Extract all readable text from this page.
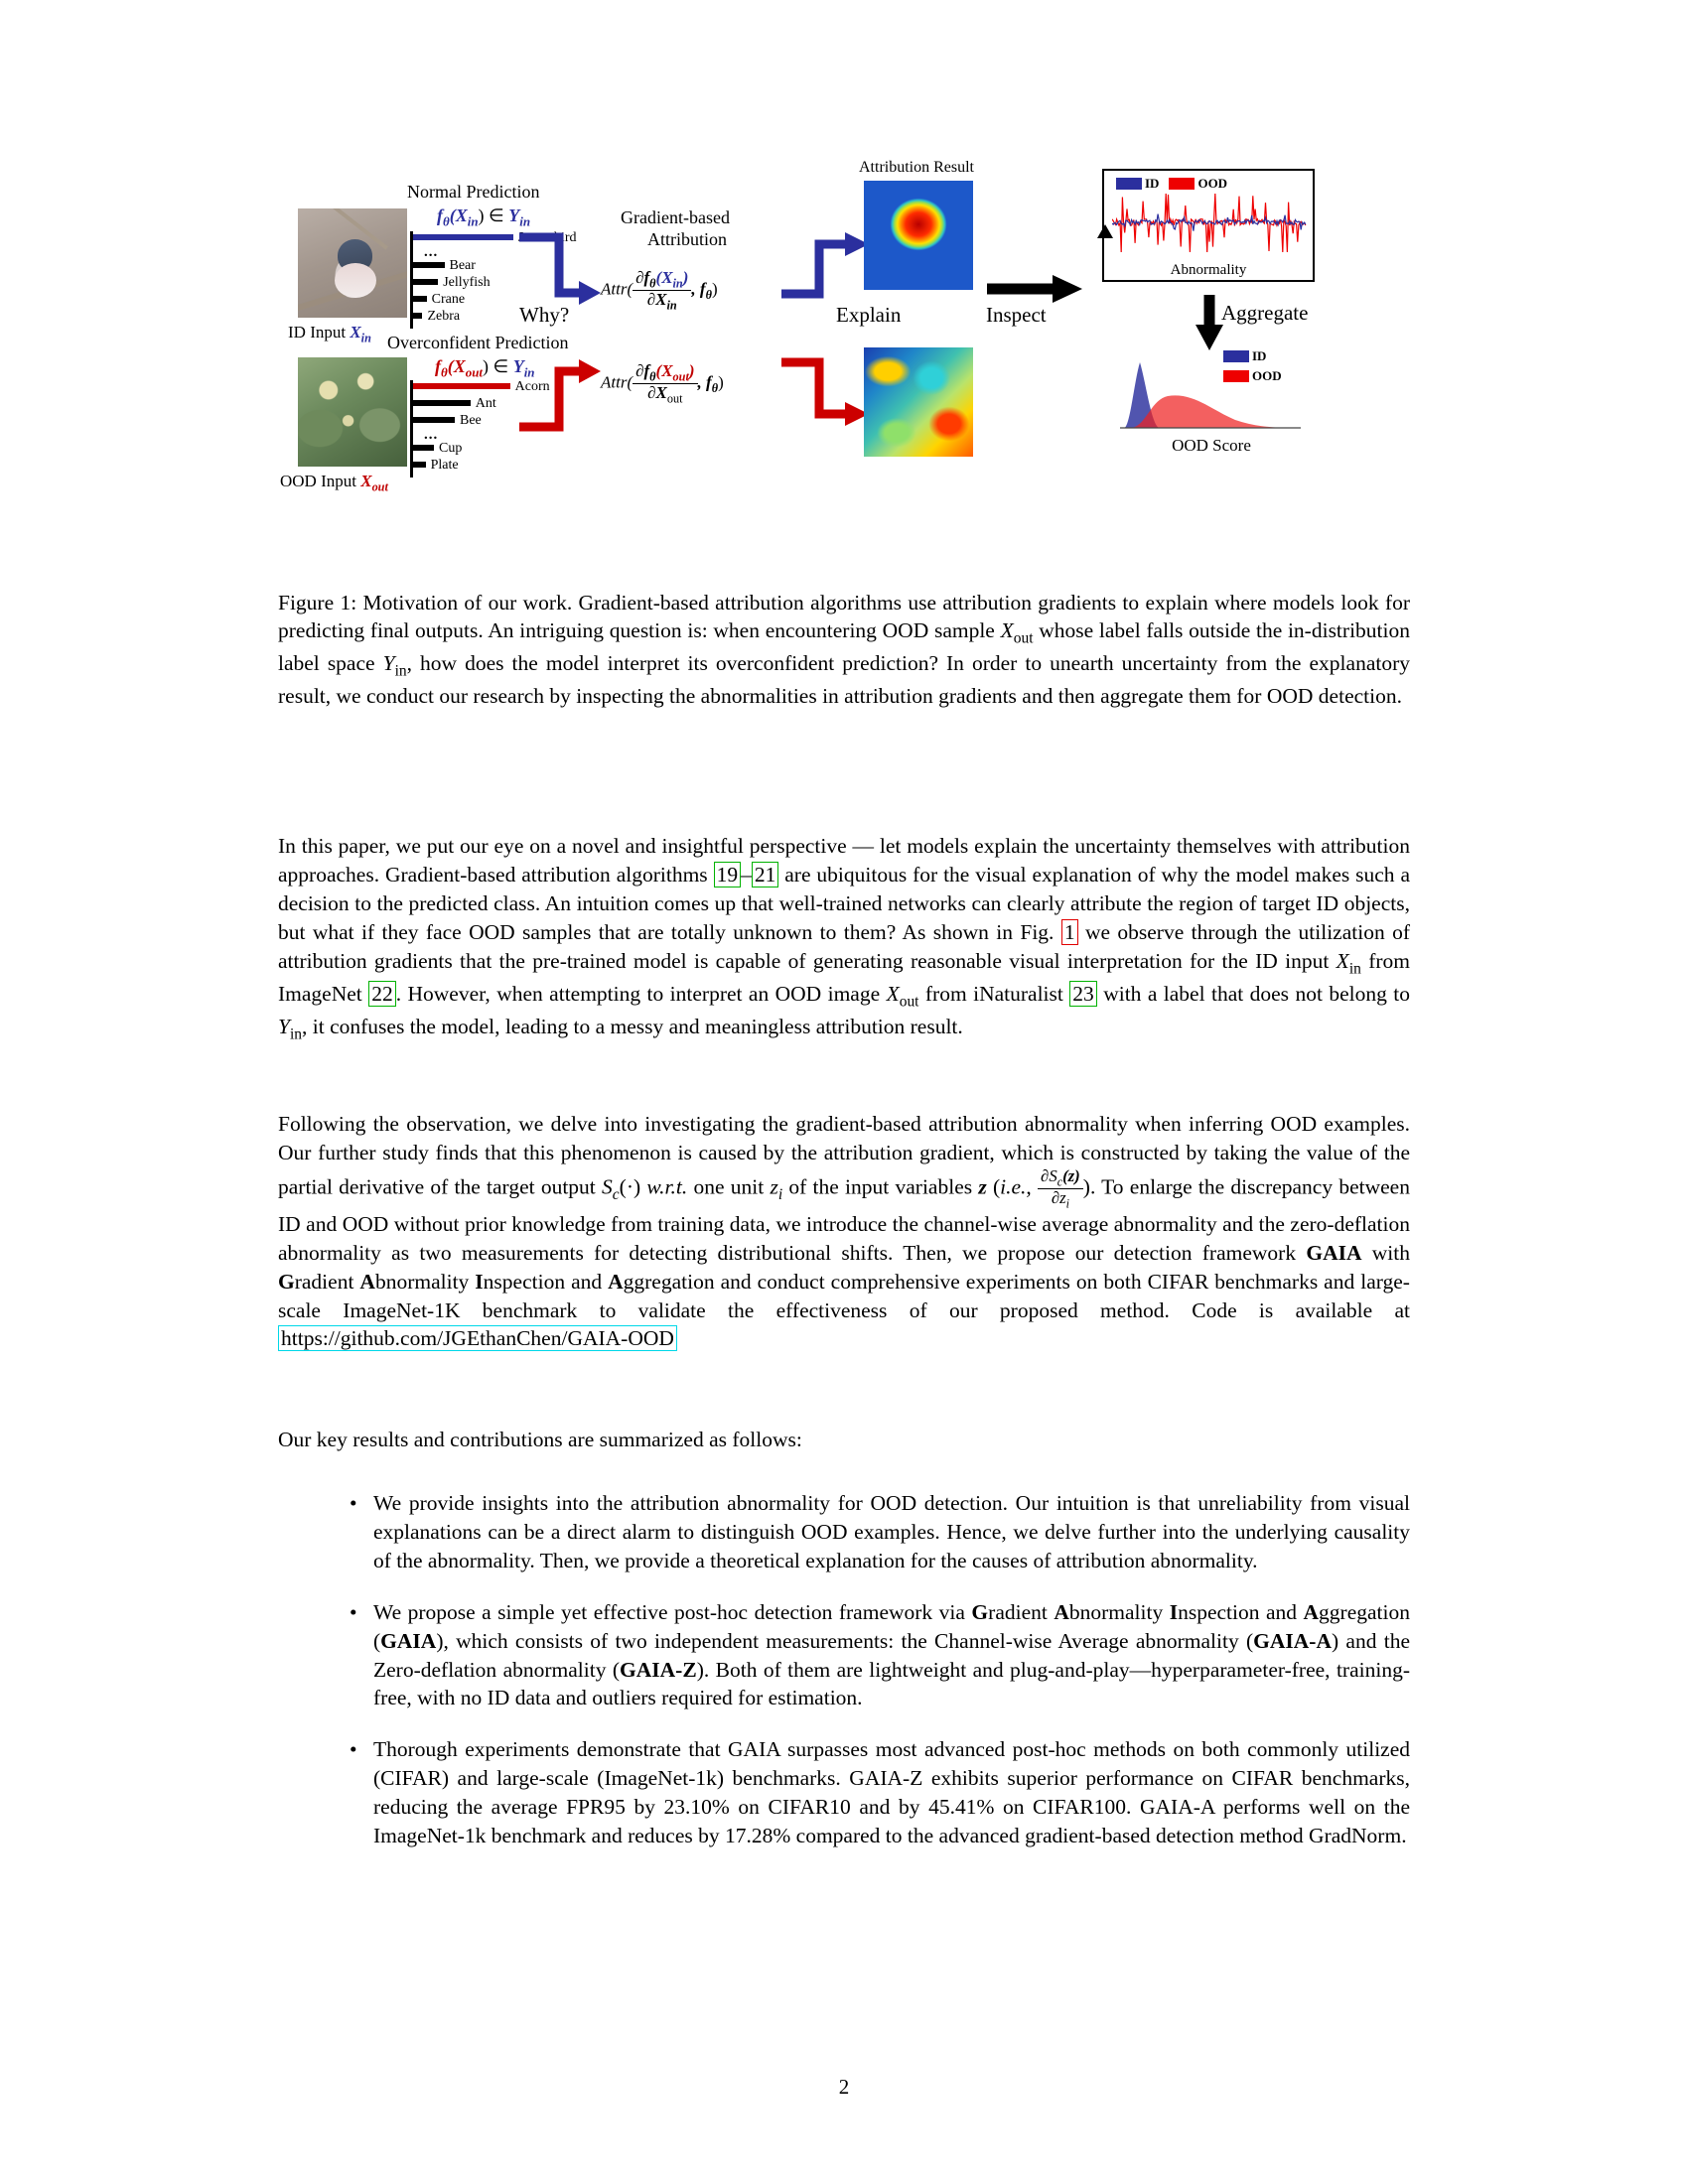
ID Input $X_{in}$
Normal Prediction
$f_\theta(X_{in})$ ∈ $Y_{in}$
Junco bird
Bear
Jellyfish
Crane
Zebra
...
OOD Input $X_{out}$
Overconfident Prediction
$f_\theta(X_{out})$ ∈ $Y_{in}$
Acorn
Ant
Bee
Cup
Plate
...
Why?
Gradient-based
Attribution
Attr( $\frac{\partial f_\theta(X_{in})}{\partial X_{in}}$ , $f_\theta$)
Attr( $\frac{\partial f_\theta(X_{out})}{\partial X_{out}}$ , $f_\theta$)
Explain
Attribution Result
Inspect
ID	OOD
Abnormality
Aggregate
ID
OOD
OOD Score
Figure 1: Motivation of our work. Gradient-based attribution algorithms use attribution gradients to explain where models look for predicting final outputs. An intriguing question is: when encountering OOD sample $X_{out}$ whose label falls outside the in-distribution label space $Y_{in}$, how does the model interpret its overconfident prediction? In order to unearth uncertainty from the explanatory result, we conduct our research by inspecting the abnormalities in attribution gradients and then aggregate them for OOD detection.
In this paper, we put our eye on a novel and insightful perspective — let models explain the uncertainty themselves with attribution approaches. Gradient-based attribution algorithms 19 – 21 are ubiquitous for the visual explanation of why the model makes such a decision to the predicted class. An intuition comes up that well-trained networks can clearly attribute the region of target ID objects, but what if they face OOD samples that are totally unknown to them? As shown in Fig. 1 we observe through the utilization of attribution gradients that the pre-trained model is capable of generating reasonable visual interpretation for the ID input $X_{in}$ from ImageNet 22 . However, when attempting to interpret an OOD image $X_{out}$ from iNaturalist 23 with a label that does not belong to $Y_{in}$, it confuses the model, leading to a messy and meaningless attribution result.
Following the observation, we delve into investigating the gradient-based attribution abnormality when inferring OOD examples. Our further study finds that this phenomenon is caused by the attribution gradient, which is constructed by taking the value of the partial derivative of the target output $S_c(\cdot)$ w.r.t. one unit $z_i$ of the input variables z (i.e., $\frac{\partial S_c(z)}{\partial z_i}$ ). To enlarge the discrepancy between ID and OOD without prior knowledge from training data, we introduce the channel-wise average abnormality and the zero-deflation abnormality as two measurements for detecting distributional shifts. Then, we propose our detection framework GAIA with Gradient Abnormality Inspection and Aggregation and conduct comprehensive experiments on both CIFAR benchmarks and large-scale ImageNet-1K benchmark to validate the effectiveness of our proposed method. Code is available at https://github.com/JGEthanChen/GAIA-OOD
Our key results and contributions are summarized as follows:
• We provide insights into the attribution abnormality for OOD detection. Our intuition is that unreliability from visual explanations can be a direct alarm to distinguish OOD examples. Hence, we delve further into the underlying causality of the abnormality. Then, we provide a theoretical explanation for the causes of attribution abnormality.
• We propose a simple yet effective post-hoc detection framework via Gradient Abnormality Inspection and Aggregation (GAIA), which consists of two independent measurements: the Channel-wise Average abnormality (GAIA-A) and the Zero-deflation abnormality (GAIA-Z). Both of them are lightweight and plug-and-play—hyperparameter-free, training-free, with no ID data and outliers required for estimation.
• Thorough experiments demonstrate that GAIA surpasses most advanced post-hoc methods on both commonly utilized (CIFAR) and large-scale (ImageNet-1k) benchmarks. GAIA-Z exhibits superior performance on CIFAR benchmarks, reducing the average FPR95 by 23.10% on CIFAR10 and by 45.41% on CIFAR100. GAIA-A performs well on the ImageNet-1k benchmark and reduces by 17.28% compared to the advanced gradient-based detection method GradNorm.
2
